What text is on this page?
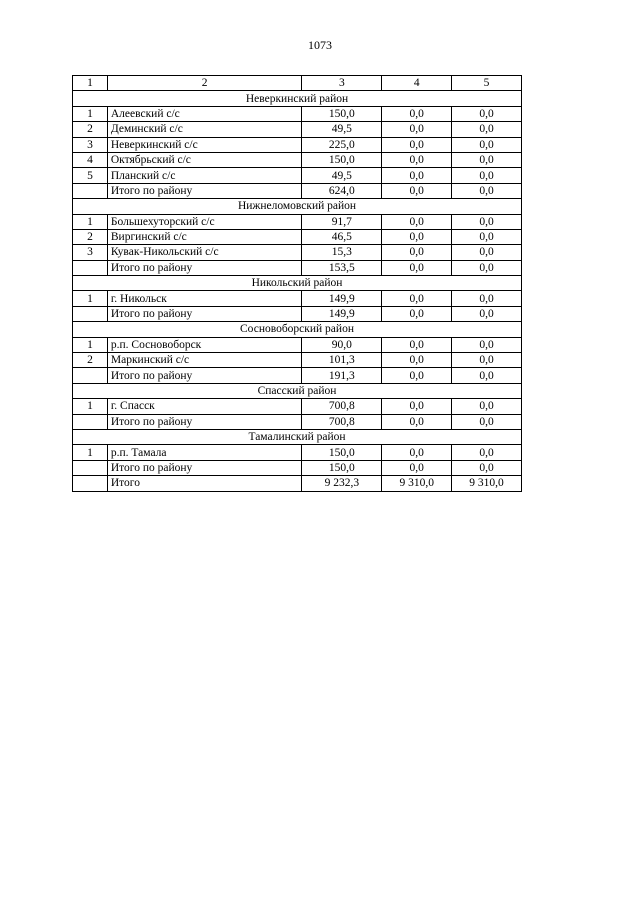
1073
1	2	3	4	5
Неверкинский район				
1	Алеевский с/с	150,0	0,0	0,0
2	Деминский с/с	49,5	0,0	0,0
3	Неверкинский с/с	225,0	0,0	0,0
4	Октябрьский с/с	150,0	0,0	0,0
5	Планский с/с	49,5	0,0	0,0
	Итого по району	624,0	0,0	0,0
Нижнеломовский район				
1	Большехуторский с/с	91,7	0,0	0,0
2	Виргинский с/с	46,5	0,0	0,0
3	Кувак-Никольский с/с	15,3	0,0	0,0
	Итого по району	153,5	0,0	0,0
Никольский район				
1	г. Никольск	149,9	0,0	0,0
	Итого по району	149,9	0,0	0,0
Сосновоборский район				
1	р.п. Сосновоборск	90,0	0,0	0,0
2	Маркинский с/с	101,3	0,0	0,0
	Итого по району	191,3	0,0	0,0
Спасский район				
1	г. Спасск	700,8	0,0	0,0
	Итого по району	700,8	0,0	0,0
Тамалинский район				
1	р.п. Тамала	150,0	0,0	0,0
	Итого по району	150,0	0,0	0,0
	Итого	9 232,3	9 310,0	9 310,0
